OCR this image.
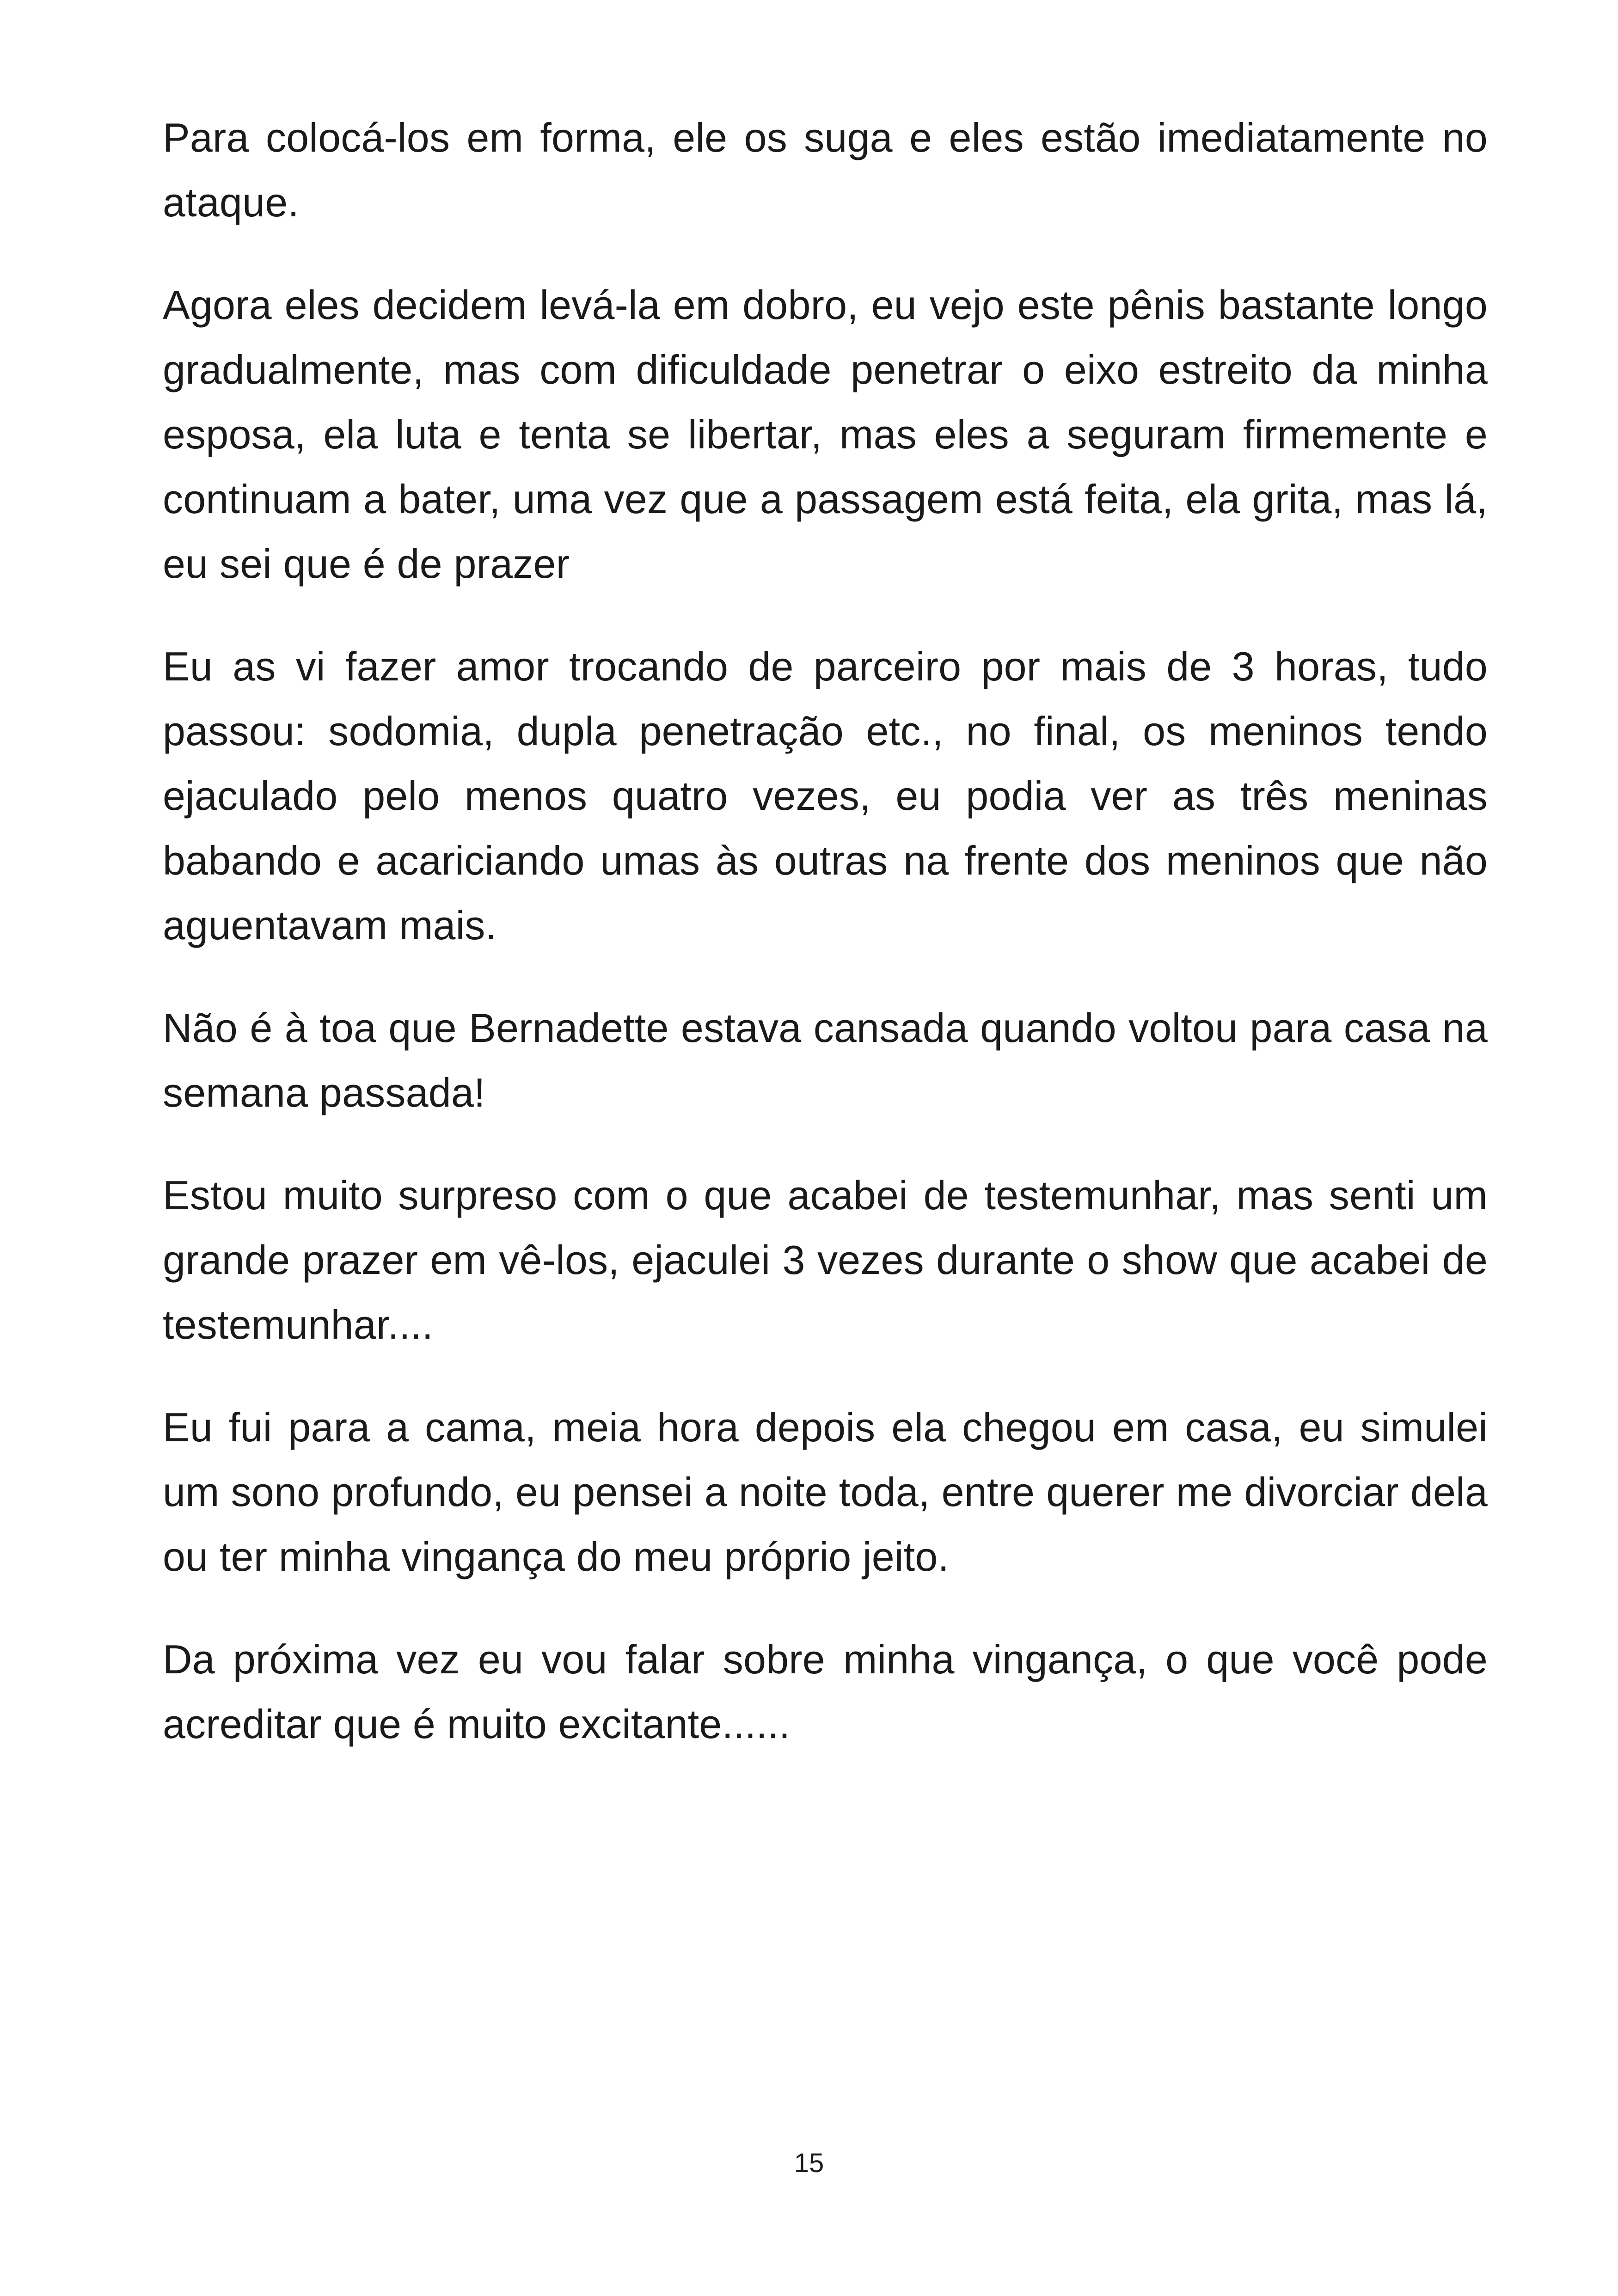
Para colocá-los em forma, ele os suga e eles estão imediatamente no ataque.

Agora eles decidem levá-la em dobro, eu vejo este pênis bastante longo gradualmente, mas com dificuldade penetrar o eixo estreito da minha esposa, ela luta e tenta se libertar, mas eles a seguram firmemente e continuam a bater, uma vez que a passagem está feita, ela grita, mas lá, eu sei que é de prazer

Eu as vi fazer amor trocando de parceiro por mais de 3 horas, tudo passou: sodomia, dupla penetração etc., no final, os meninos tendo ejaculado pelo menos quatro vezes, eu podia ver as três meninas babando e acariciando umas às outras na frente dos meninos que não aguentavam mais.

Não é à toa que Bernadette estava cansada quando voltou para casa na semana passada!

Estou muito surpreso com o que acabei de testemunhar, mas senti um grande prazer em vê-los, ejaculei 3 vezes durante o show que acabei de testemunhar....

Eu fui para a cama, meia hora depois ela chegou em casa, eu simulei um sono profundo, eu pensei a noite toda, entre querer me divorciar dela ou ter minha vingança do meu próprio jeito.

Da próxima vez eu vou falar sobre minha vingança, o que você pode acreditar que é muito excitante......

15
